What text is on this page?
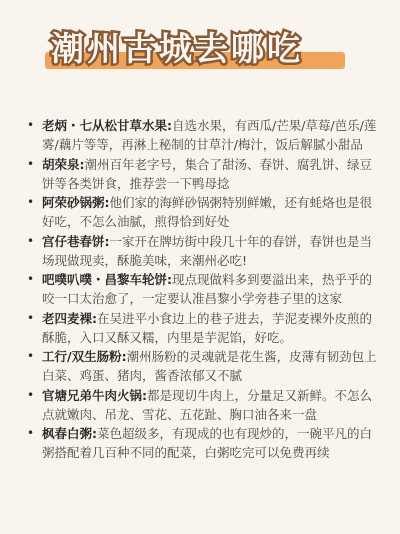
潮州古城去哪吃
• 老炳・七从松甘草水果:自选水果，有西瓜/芒果/草莓/芭乐/莲雾/藕片等等，再淋上秘制的甘草汁/梅汁，饭后解腻小甜品
• 胡荣泉:潮州百年老字号，集合了甜汤、春饼、腐乳饼、绿豆饼等各类饼食，推荐尝一下鸭母捻
• 阿荣砂锅粥:他们家的海鲜砂锅粥特别鲜嫩，还有蚝烙也是很好吃，不怎么油腻，煎得恰到好处
• 宫仔巷春饼:一家开在牌坊街中段几十年的春饼，春饼也是当场现做现卖，酥脆美味，来潮州必吃!
• 吧噗叭噗・昌黎车轮饼:现点现做料多到要溢出来，热乎乎的咬一口太治愈了，一定要认准昌黎小学旁巷子里的这家
• 老四麦裸:在吴进平小食边上的巷子进去，芋泥麦裸外皮煎的酥脆，入口又酥又糯，内里是芋泥馅，好吃。
• 工行/双生肠粉:潮州肠粉的灵魂就是花生酱，皮薄有韧劲包上白菜、鸡蛋、猪肉，酱香浓郁又不腻
• 官塘兄弟牛肉火锅:都是现切牛肉上，分量足又新鲜。不怎么点就嫩肉、吊龙、雪花、五花趾、胸口油各来一盘
• 枫春白粥:菜色超级多，有现成的也有现炒的，一碗平凡的白粥搭配着几百种不同的配菜，白粥吃完可以免费再续
